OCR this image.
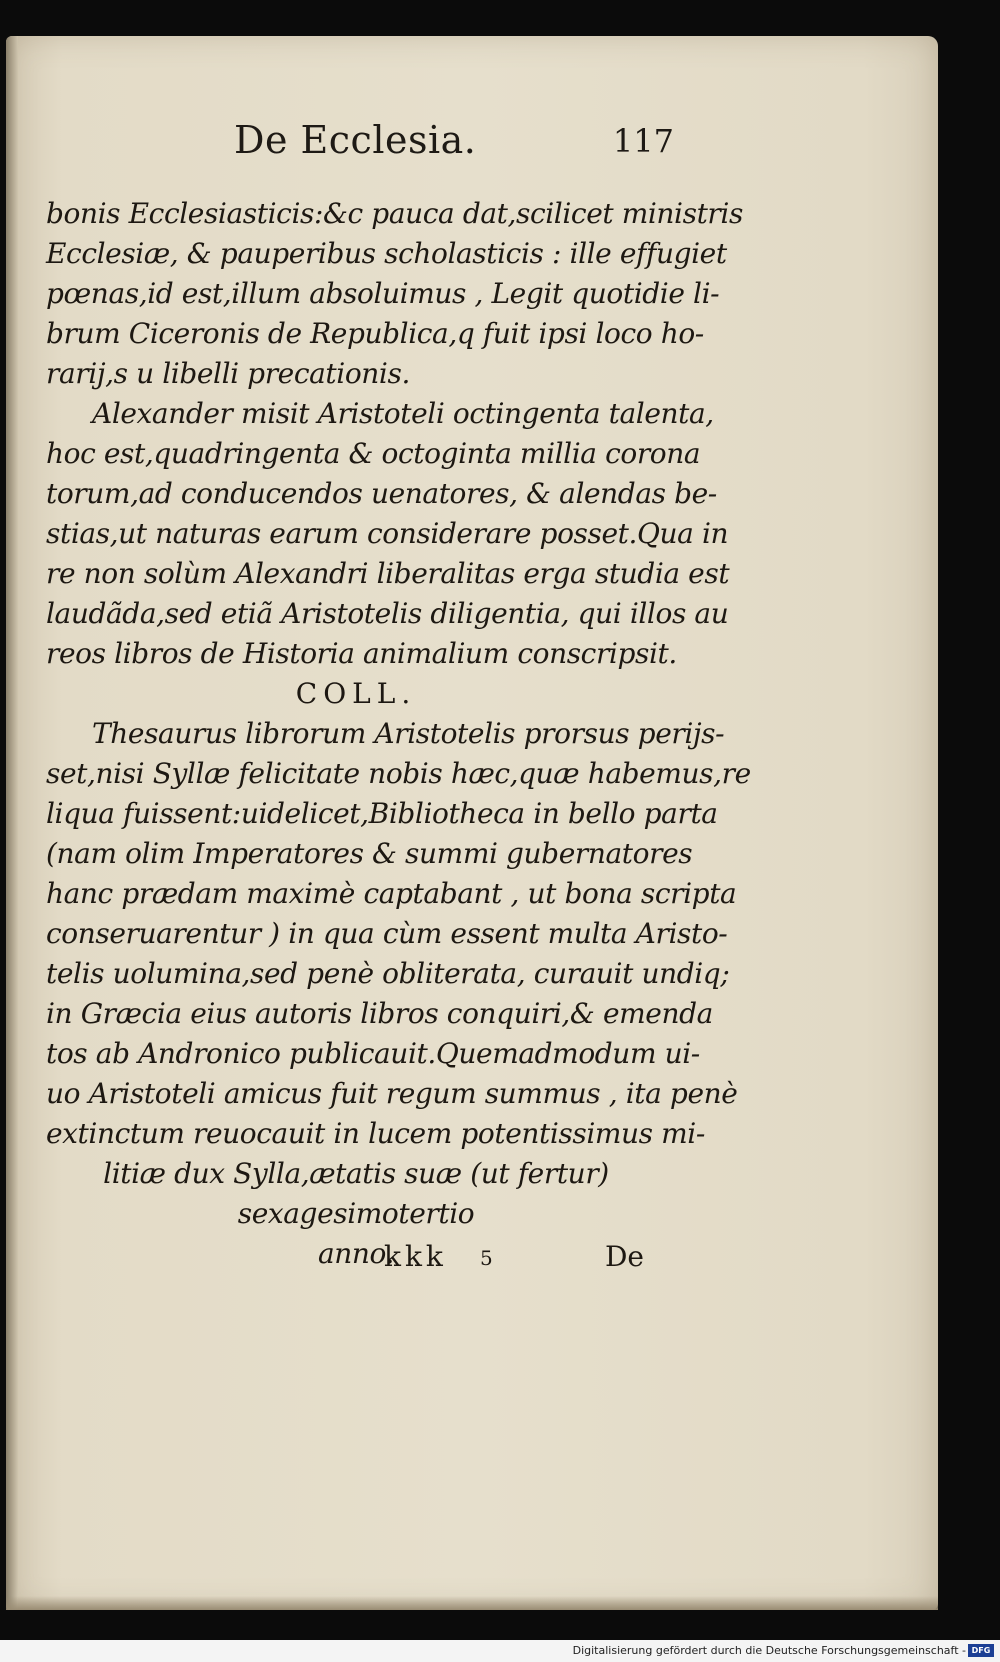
De Ecclesia.	117
bonis Ecclesiasticis:&c pauca dat,scilicet ministris
Ecclesiæ, & pauperibus scholasticis : ille effugiet
pœnas,id est,illum absoluimus , Legit quotidie li-
brum Ciceronis de Republica,q fuit ipsi loco ho-
rarij,s u libelli precationis.
Alexander misit Aristoteli octingenta talenta,
hoc est,quadringenta & octoginta millia corona
torum,ad conducendos uenatores, & alendas be-
stias,ut naturas earum considerare posset.Qua in
re non solùm Alexandri liberalitas erga studia est
laudãda,sed etiã Aristotelis diligentia, qui illos au
reos libros de Historia animalium conscripsit.
COLL.
Thesaurus librorum Aristotelis prorsus perijs-
set,nisi Syllæ felicitate nobis hæc,quæ habemus,re
liqua fuissent:uidelicet,Bibliotheca in bello parta
(nam olim Imperatores & summi gubernatores
hanc prædam maximè captabant , ut bona scripta
conseruarentur ) in qua cùm essent multa Aristo-
telis uolumina,sed penè obliterata, curauit undiq;
in Græcia eius autoris libros conquiri,& emenda
tos ab Andronico publicauit.Quemadmodum ui-
uo Aristoteli amicus fuit regum summus , ita penè
extinctum reuocauit in lucem potentissimus mi-
litiæ dux Sylla,ætatis suæ (ut fertur)
sexagesimotertio
anno.
kkk 5	De
Digitalisierung gefördert durch die Deutsche Forschungsgemeinschaft - DFG
